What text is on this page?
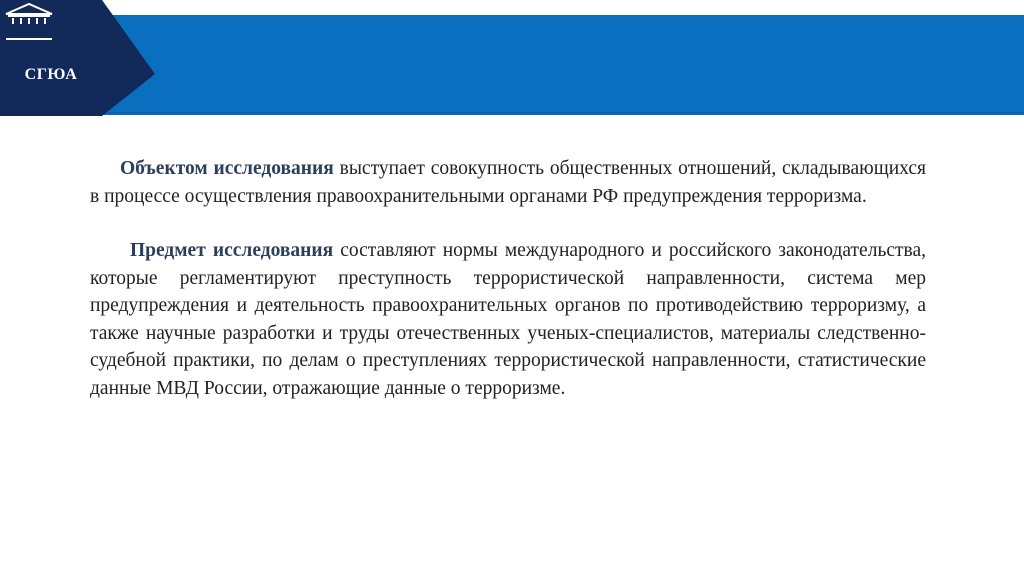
СГЮА

Объектом исследования выступает совокупность общественных отношений, складывающихся в процессе осуществления правоохранительными органами РФ предупреждения терроризма.

Предмет исследования составляют нормы международного и российского законодательства, которые регламентируют преступность террористической направленности, система мер предупреждения и деятельность правоохранительных органов по противодействию терроризму, а также научные разработки и труды отечественных ученых-специалистов, материалы следственно-судебной практики, по делам о преступлениях террористической направленности, статистические данные МВД России, отражающие данные о терроризме.
